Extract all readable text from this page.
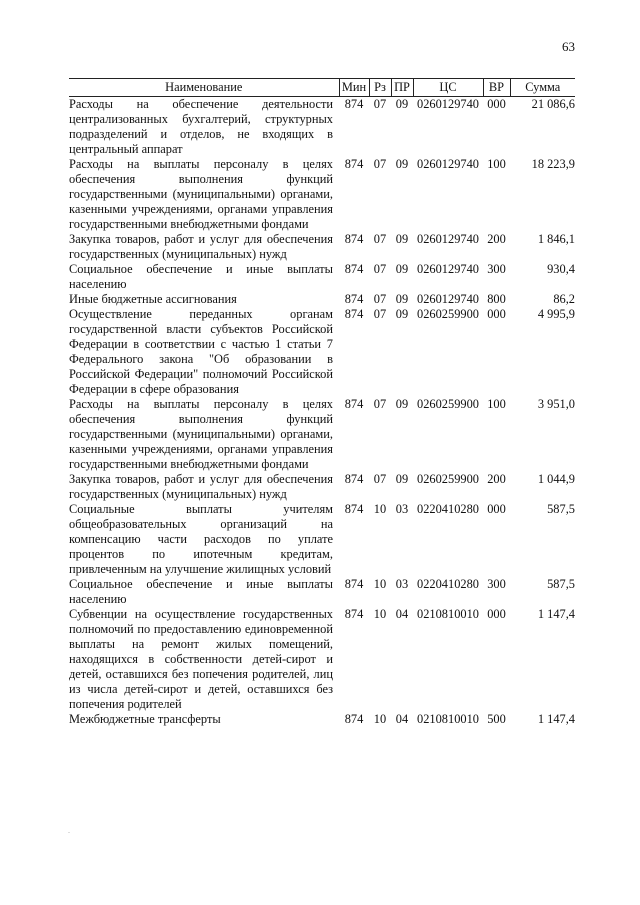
63
Наименование	Мин	Рз	ПР	ЦС	ВР	Сумма
Расходы на обеспечение деятельности централизованных бухгалтерий, структурных подразделений и отделов, не входящих в центральный аппарат	874	07	09	0260129740	000	21 086,6
Расходы на выплаты персоналу в целях обеспечения выполнения функций государственными (муниципальными) органами, казенными учреждениями, органами управления государственными внебюджетными фондами	874	07	09	0260129740	100	18 223,9
Закупка товаров, работ и услуг для обеспечения государственных (муниципальных) нужд	874	07	09	0260129740	200	1 846,1
Социальное обеспечение и иные выплаты населению	874	07	09	0260129740	300	930,4
Иные бюджетные ассигнования	874	07	09	0260129740	800	86,2
Осуществление переданных органам государственной власти субъектов Российской Федерации в соответствии с частью 1 статьи 7 Федерального закона "Об образовании в Российской Федерации" полномочий Российской Федерации в сфере образования	874	07	09	0260259900	000	4 995,9
Расходы на выплаты персоналу в целях обеспечения выполнения функций государственными (муниципальными) органами, казенными учреждениями, органами управления государственными внебюджетными фондами	874	07	09	0260259900	100	3 951,0
Закупка товаров, работ и услуг для обеспечения государственных (муниципальных) нужд	874	07	09	0260259900	200	1 044,9
Социальные выплаты учителям общеобразовательных организаций на компенсацию части расходов по уплате процентов по ипотечным кредитам, привлеченным на улучшение жилищных условий	874	10	03	0220410280	000	587,5
Социальное обеспечение и иные выплаты населению	874	10	03	0220410280	300	587,5
Субвенции на осуществление государственных полномочий по предоставлению единовременной выплаты на ремонт жилых помещений, находящихся в собственности детей-сирот и детей, оставшихся без попечения родителей, лиц из числа детей-сирот и детей, оставшихся без попечения родителей	874	10	04	0210810010	000	1 147,4
Межбюджетные трансферты	874	10	04	0210810010	500	1 147,4
.
